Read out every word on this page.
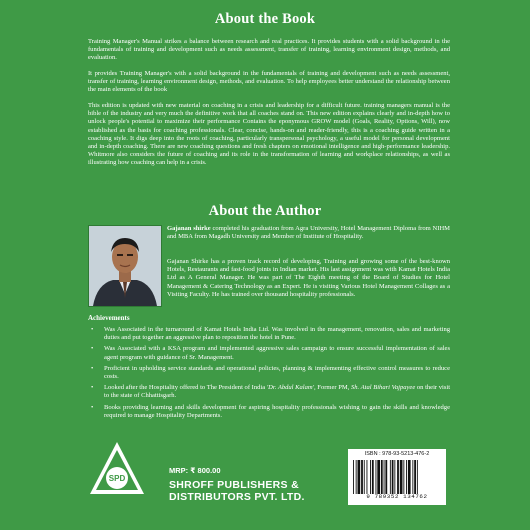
About the Book

Training Manager's Manual strikes a balance between research and real practices. It provides students with a solid background in the fundamentals of training and development such as needs assessment, transfer of training, learning environment design, methods, and evaluation.

It provides Training Manager's with a solid background in the fundamentals of training and development such as needs assessment, transfer of training, learning environment design, methods, and evaluation. To help employees better understand the relationship between the main elements of the book

This edition is updated with new material on coaching in a crisis and leadership for a difficult future. training managers manual is the bible of the industry and very much the definitive work that all coaches stand on. This new edition explains clearly and in-depth how to unlock people's potential to maximize their performance Contains the eponymous GROW model (Goals, Reality, Options, Will), now established as the basis for coaching professionals. Clear, concise, hands-on and reader-friendly, this is a coaching guide written in a coaching style. It digs deep into the roots of coaching, particularly transpersonal psychology, a useful model for personal development and in-depth coaching. There are new coaching questions and fresh chapters on emotional intelligence and high-performance leadership. Whitmore also considers the future of coaching and its role in the transformation of learning and workplace relationships, as well as illustrating how coaching can help in a crisis.

About the Author

Gajanan shirke completed his graduation from Agra University, Hotel Management Diploma from NIHM and MBA from Magadh University and Member of Institute of Hospitality.

Gajanan Shirke has a proven track record of developing, Training and growing some of the best-known Hotels, Restaurants and fast-food joints in Indian market. His last assignment was with Kamat Hotels India Ltd as A General Manager. He was part of The Eighth meeting of the Board of Studies for Hotel Management & Catering Technology as an Expert. He is visiting Various Hotel Management Collages as a Visiting Faculty. He has trained over thousand hospitality professionals.

Achievements

• Was Associated in the turnaround of Kamat Hotels India Ltd. Was involved in the management, renovation, sales and marketing duties and put together an aggressive plan to reposition the hotel in Pune.
• Was Associated with a KSA program and implemented aggressive sales campaign to ensure successful implementation of sales agent program with guidance of Sr. Management.
• Proficient in upholding service standards and operational policies, planning & implementing effective control measures to reduce costs.
• Looked after the Hospitality offered to The President of India 'Dr. Abdul Kalam', Former PM, Sh. Atal Bihari Vajpayee on their visit to the state of Chhattisgarh.
• Books providing learning and skills development for aspiring hospitality professionals wishing to gain the skills and knowledge required to manage Hospitality Departments.
SPD
MRP: ₹ 800.00
SHROFF PUBLISHERS &
DISTRIBUTORS PVT. LTD.
ISBN : 978-93-5213-476-2
9 789352 134762
